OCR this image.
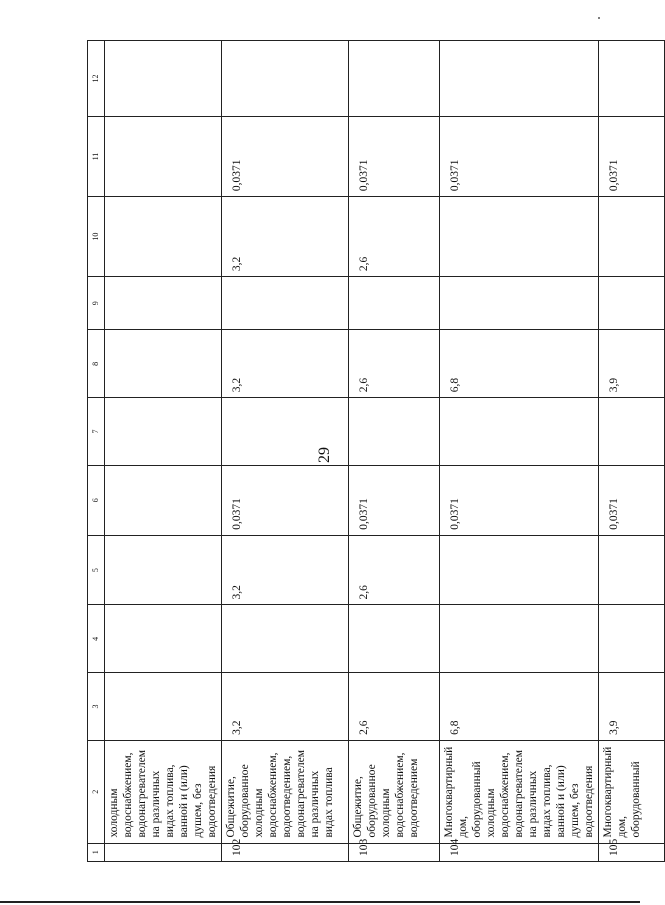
29
1	2	3	4	5	6	7	8	9	10	11	12
	холодным водоснабжением, водонагревателем на различных видах топлива, ванной и (или) душем, без водоотведения										
102	Общежитие, оборудованное холодным водоснабжением, водоотведением, водонагревателем на различных видах топлива	3,2		3,2	0,0371		3,2		3,2	0,0371	
103	Общежитие, оборудованное холодным водоснабжением, водоотведением	2,6		2,6	0,0371		2,6		2,6	0,0371	
104	Многоквартирный дом, оборудованный холодным водоснабжением, водонагревателем на различных видах топлива, ванной и (или) душем, без водоотведения	6,8			0,0371		6,8			0,0371	
105	Многоквартирный дом, оборудованный	3,9			0,0371		3,9			0,0371	
